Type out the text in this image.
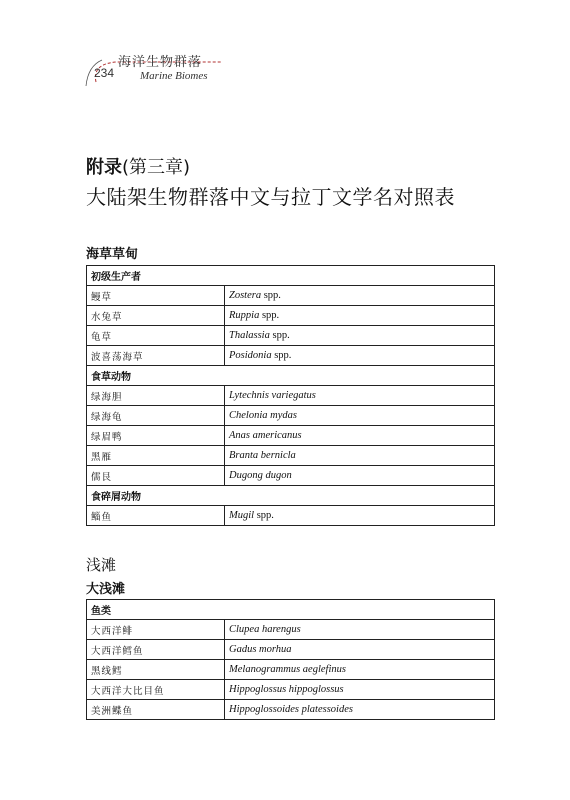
234
海洋生物群落
Marine Biomes
附录(第三章)
大陆架生物群落中文与拉丁文学名对照表
海草草甸
初级生产者	
鳗草	Zostera spp.
水兔草	Ruppia spp.
龟草	Thalassia spp.
波喜荡海草	Posidonia spp.
食草动物	
绿海胆	Lytechnis variegatus
绿海龟	Chelonia mydas
绿眉鸭	Anas americanus
黑雁	Branta bernicla
儒艮	Dugong dugon
食碎屑动物	
鲻鱼	Mugil spp.
浅滩
大浅滩
鱼类	
大西洋鲱	Clupea harengus
大西洋鳕鱼	Gadus morhua
黑线鳕	Melanogrammus aeglefinus
大西洋大比目鱼	Hippoglossus hippoglossus
美洲鲽鱼	Hippoglossoides platessoides
